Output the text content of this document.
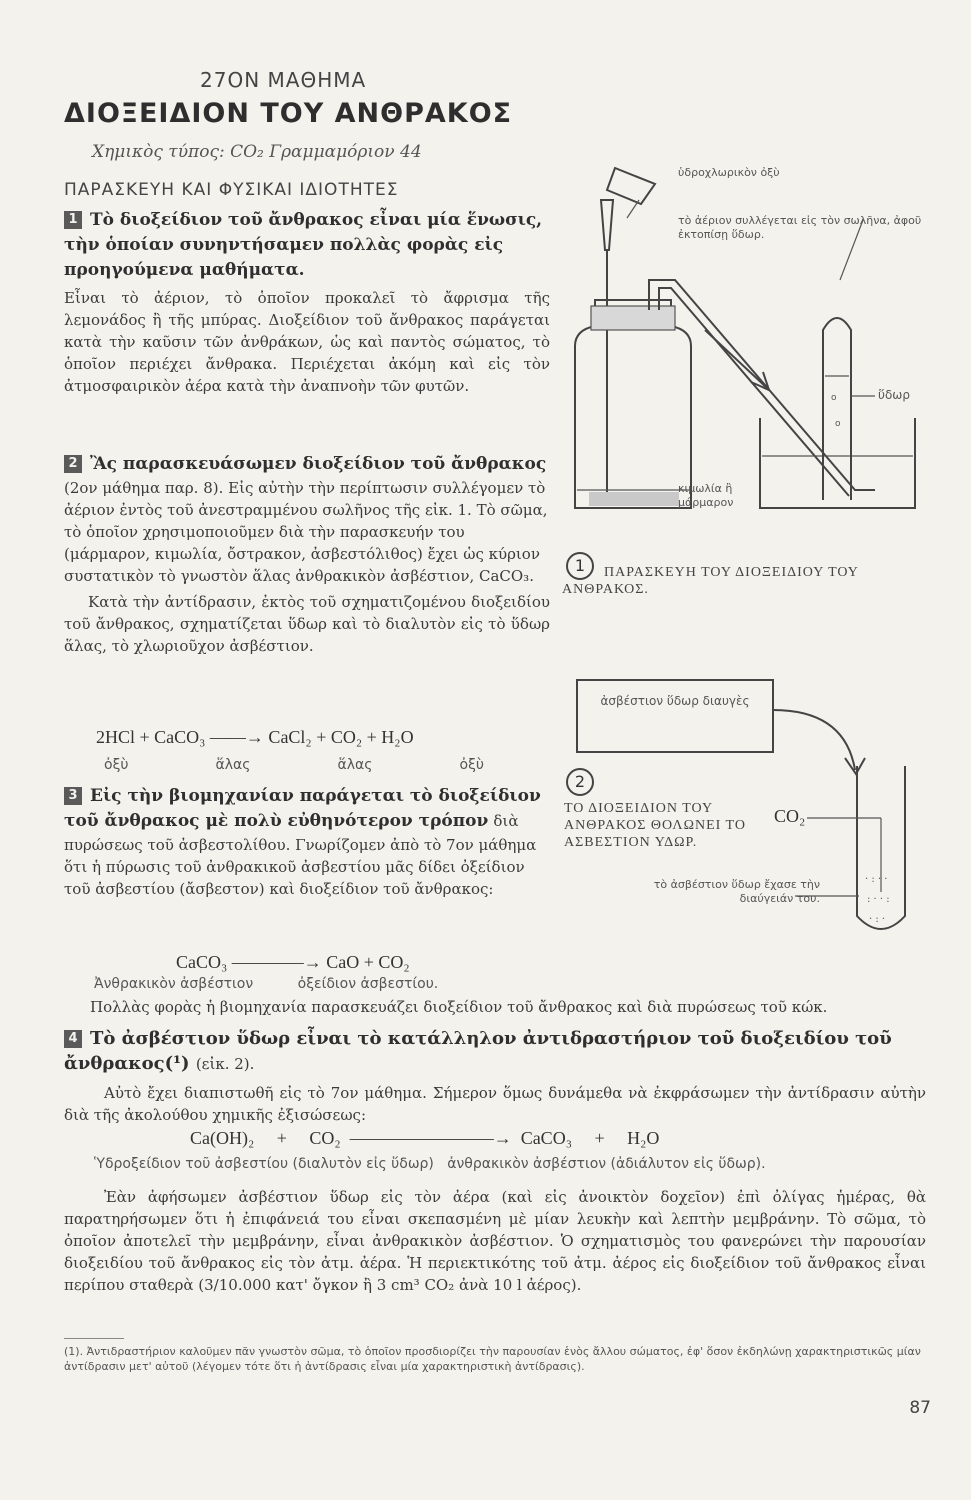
27ΟΝ ΜΑΘΗΜΑ
ΔΙΟΞΕΙΔΙΟΝ ΤΟΥ ΑΝΘΡΑΚΟΣ
Χημικὸς τύπος: CO₂ Γραμμαμόριον 44
ΠΑΡΑΣΚΕΥΗ ΚΑΙ ΦΥΣΙΚΑΙ ΙΔΙΟΤΗΤΕΣ
1 Τὸ διοξείδιον τοῦ ἄνθρακος εἶναι μία ἕνωσις, τὴν ὁποίαν συνηντήσαμεν πολλὰς φορὰς εἰς προηγούμενα μαθήματα.
Εἶναι τὸ ἀέριον, τὸ ὁποῖον προκαλεῖ τὸ ἄφρισμα τῆς λεμονάδος ἢ τῆς μπύρας. Διοξείδιον τοῦ ἄνθρακος παράγεται κατὰ τὴν καῦσιν τῶν ἀνθράκων, ὡς καὶ παντὸς σώματος, τὸ ὁποῖον περιέχει ἄνθρακα. Περιέχεται ἀκόμη καὶ εἰς τὸν ἀτμοσφαιρικὸν ἀέρα κατὰ τὴν ἀναπνοὴν τῶν φυτῶν.
2 Ἂς παρασκευάσωμεν διοξείδιον τοῦ ἄνθρακος (2ον μάθημα παρ. 8). Εἰς αὐτὴν τὴν περίπτωσιν συλλέγομεν τὸ ἀέριον ἐντὸς τοῦ ἀνεστραμμένου σωλῆνος τῆς εἰκ. 1. Τὸ σῶμα, τὸ ὁποῖον χρησιμοποιοῦμεν διὰ τὴν παρασκευήν του (μάρμαρον, κιμωλία, ὄστρακον, ἀσβεστόλιθος) ἔχει ὡς κύριον συστατικὸν τὸ γνωστὸν ἅλας ἀνθρακικὸν ἀσβέστιον, CaCO₃.
Κατὰ τὴν ἀντίδρασιν, ἐκτὸς τοῦ σχηματιζομένου διοξειδίου τοῦ ἄνθρακος, σχηματίζεται ὕδωρ καὶ τὸ διαλυτὸν εἰς τὸ ὕδωρ ἅλας, τὸ χλωριοῦχον ἀσβέστιον.
2HCl + CaCO₃ ——→ CaCl₂ + CO₂ + H₂O
ὀξὺ	ἅλας	ἅλας	ὀξὺ
3 Εἰς τὴν βιομηχανίαν παράγεται τὸ διοξείδιον τοῦ ἄνθρακος μὲ πολὺ εὐθηνότερον τρόπον διὰ πυρώσεως τοῦ ἀσβεστολίθου. Γνωρίζομεν ἀπὸ τὸ 7ον μάθημα ὅτι ἡ πύρωσις τοῦ ἀνθρακικοῦ ἀσβεστίου μᾶς δίδει ὀξείδιον τοῦ ἀσβεστίου (ἄσβεστον) καὶ διοξείδιον τοῦ ἄνθρακος:
CaCO₃ ————→ CaO + CO₂
Ἀνθρακικὸν ἀσβέστιον          ὀξείδιον ἀσβεστίου.
Πολλὰς φορὰς ἡ βιομηχανία παρασκευάζει διοξείδιον τοῦ ἄνθρακος καὶ διὰ πυρώσεως τοῦ κώκ.
4 Τὸ ἀσβέστιον ὕδωρ εἶναι τὸ κατάλληλον ἀντιδραστήριον τοῦ διοξειδίου τοῦ ἄνθρακος(¹) (εἰκ. 2).
Αὐτὸ ἔχει διαπιστωθῆ εἰς τὸ 7ον μάθημα. Σήμερον ὅμως δυνάμεθα νὰ ἐκφράσωμεν τὴν ἀντίδρασιν αὐτὴν διὰ τῆς ἀκολούθου χημικῆς ἐξισώσεως:
Ca(OH)₂     +     CO₂  ————————→  CaCO₃     +     H₂O
Ὑδροξείδιον τοῦ ἀσβεστίου (διαλυτὸν εἰς ὕδωρ)   ἀνθρακικὸν ἀσβέστιον (ἀδιάλυτον εἰς ὕδωρ).
Ἐὰν ἀφήσωμεν ἀσβέστιον ὕδωρ εἰς τὸν ἀέρα (καὶ εἰς ἀνοικτὸν δοχεῖον) ἐπὶ ὀλίγας ἡμέρας, θὰ παρατηρήσωμεν ὅτι ἡ ἐπιφάνειά του εἶναι σκεπασμένη μὲ μίαν λευκὴν καὶ λεπτὴν μεμβράνην. Τὸ σῶμα, τὸ ὁποῖον ἀποτελεῖ τὴν μεμβράνην, εἶναι ἀνθρακικὸν ἀσβέστιον. Ὁ σχηματισμὸς του φανερώνει τὴν παρουσίαν διοξειδίου τοῦ ἄνθρακος εἰς τὸν ἀτμ. ἀέρα. Ἡ περιεκτικότης τοῦ ἀτμ. ἀέρος εἰς διοξείδιον τοῦ ἄνθρακος εἶναι περίπου σταθερὰ (3/10.000 κατ' ὄγκον ἢ 3 cm³ CO₂ ἀνὰ 10 l ἀέρος).
(1). Ἀντιδραστήριον καλοῦμεν πᾶν γνωστὸν σῶμα, τὸ ὁποῖον προσδιορίζει τὴν παρουσίαν ἑνὸς ἄλλου σώματος, ἐφ' ὅσον ἐκδηλώνῃ χαρακτηριστικῶς μίαν ἀντίδρασιν μετ' αὐτοῦ (λέγομεν τότε ὅτι ἡ ἀντίδρασις εἶναι μία χαρακτηριστικὴ ἀντίδρασις).
87
o
o
ὑδροχλωρικὸν ὀξὺ
τὸ ἀέριον συλλέγεται εἰς τὸν σωλῆνα, ἀφοῦ ἐκτοπίσῃ ὕδωρ.
ὕδωρ
κιμωλία ἢ μάρμαρον
1	ΠΑΡΑΣΚΕΥΗ ΤΟΥ ΔΙΟΞΕΙΔΙΟΥ ΤΟΥ ΑΝΘΡΑΚΟΣ.
· : · ·
: · · :
· : ·
ἀσβέστιον ὕδωρ διαυγὲς
2
ΤΟ ΔΙΟΞΕΙΔΙΟΝ ΤΟΥ ΑΝΘΡΑΚΟΣ ΘΟΛΩΝΕΙ ΤΟ ΑΣΒΕΣΤΙΟΝ ΥΔΩΡ.
CO₂
τὸ ἀσβέστιον ὕδωρ ἔχασε τὴν διαύγειάν του.
